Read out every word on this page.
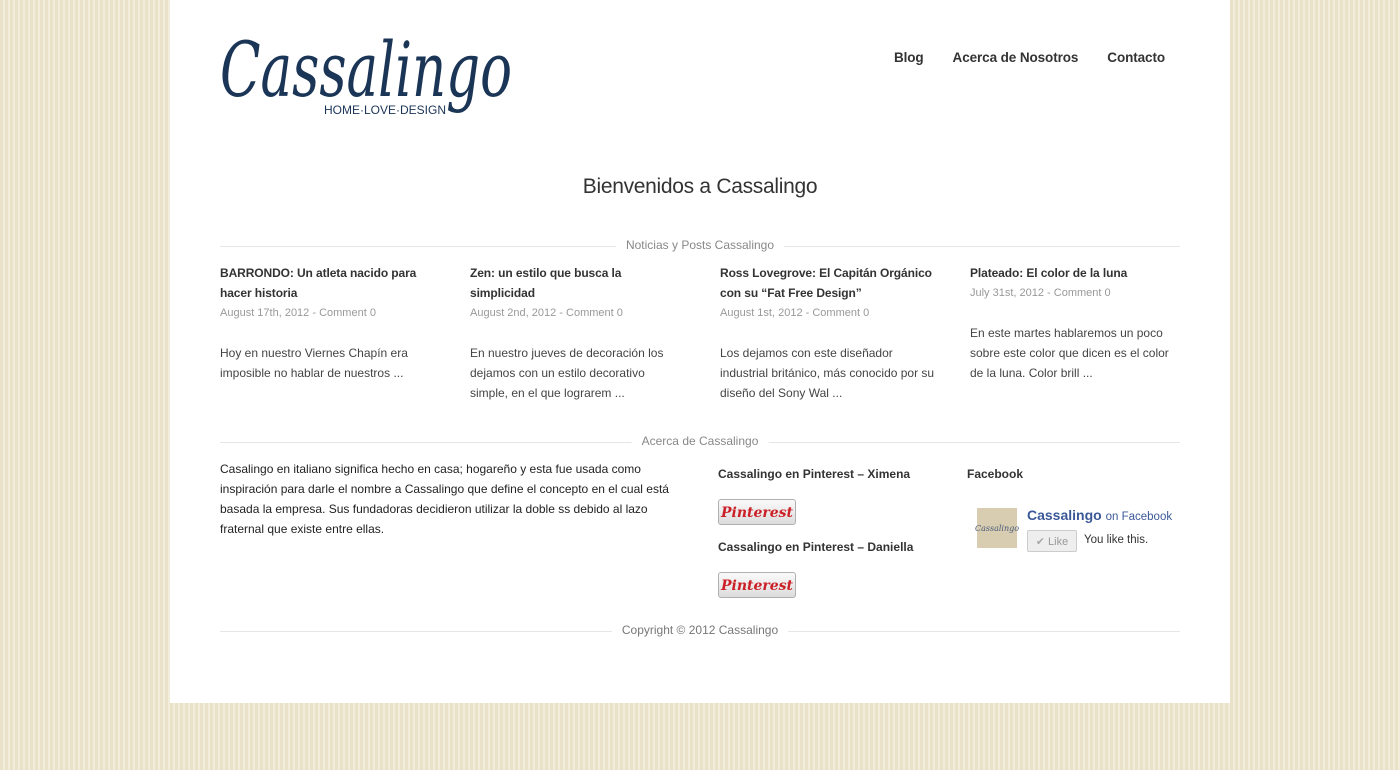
Cassalingo
HOME·LOVE·DESIGN
Blog Acerca de Nosotros Contacto
Bienvenidos a Cassalingo
Noticias y Posts Cassalingo
BARRONDO: Un atleta nacido para hacer historia
August 17th, 2012 - Comment 0
Hoy en nuestro Viernes Chapín era imposible no hablar de nuestros ...
Zen: un estilo que busca la simplicidad
August 2nd, 2012 - Comment 0
En nuestro jueves de decoración los dejamos con un estilo decorativo simple, en el que lograrem ...
Ross Lovegrove: El Capitán Orgánico con su “Fat Free Design”
August 1st, 2012 - Comment 0
Los dejamos con este diseñador industrial británico, más conocido por su diseño del Sony Wal ...
Plateado: El color de la luna
July 31st, 2012 - Comment 0
En este martes hablaremos un poco sobre este color que dicen es el color de la luna. Color brill ...
Acerca de Cassalingo
Casalingo en italiano significa hecho en casa; hogareño y esta fue usada como inspiración para darle el nombre a Cassalingo que define el concepto en el cual está basada la empresa. Sus fundadoras decidieron utilizar la doble ss debido al lazo fraternal que existe entre ellas.
Cassalingo en Pinterest – Ximena
Pinterest
Cassalingo en Pinterest – Daniella
Pinterest
Facebook
Cassalingo
Cassalingo on Facebook
✔ Like	You like this.
Copyright © 2012 Cassalingo
